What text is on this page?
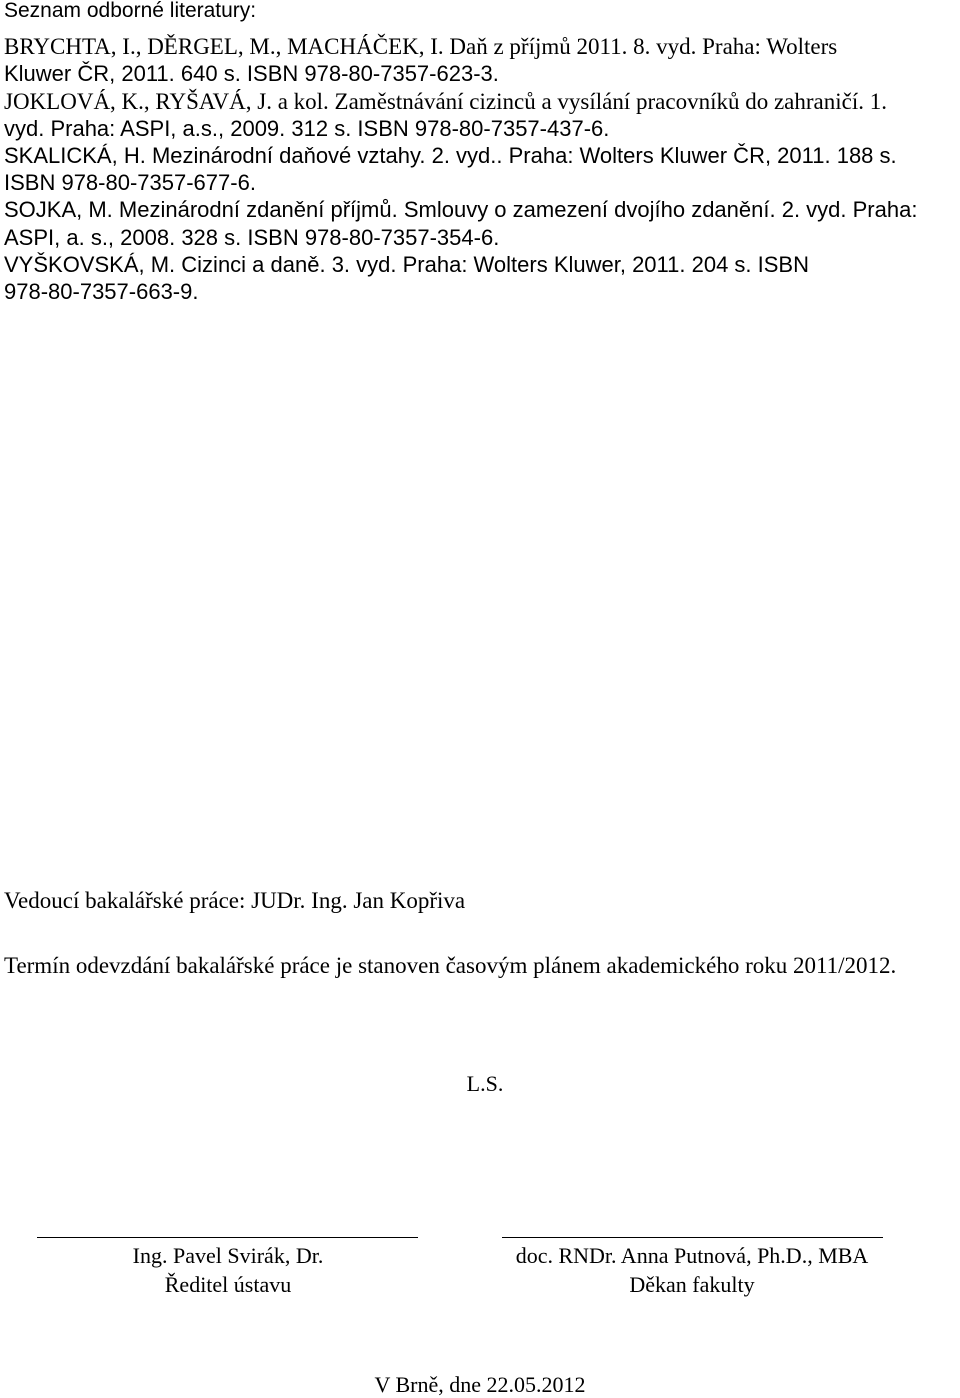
Seznam odborné literatury:
BRYCHTA, I., DĚRGEL, M., MACHÁČEK, I. Daň z příjmů 2011. 8. vyd. Praha: Wolters
Kluwer ČR, 2011. 640 s. ISBN 978-80-7357-623-3.
JOKLOVÁ, K., RYŠAVÁ, J. a kol. Zaměstnávání cizinců a vysílání pracovníků do zahraničí. 1.
vyd. Praha: ASPI, a.s., 2009. 312 s. ISBN 978-80-7357-437-6.
SKALICKÁ, H. Mezinárodní daňové vztahy. 2. vyd.. Praha: Wolters Kluwer ČR, 2011. 188 s.
ISBN 978-80-7357-677-6.
SOJKA, M. Mezinárodní zdanění příjmů. Smlouvy o zamezení dvojího zdanění. 2. vyd. Praha:
ASPI, a. s., 2008. 328 s. ISBN 978-80-7357-354-6.
VYŠKOVSKÁ, M. Cizinci a daně. 3. vyd. Praha: Wolters Kluwer, 2011. 204 s. ISBN
978-80-7357-663-9.
Vedoucí bakalářské práce: JUDr. Ing. Jan Kopřiva
Termín odevzdání bakalářské práce je stanoven časovým plánem akademického roku 2011/2012.
L.S.
Ing. Pavel Svirák, Dr.
Ředitel ústavu
doc. RNDr. Anna Putnová, Ph.D., MBA
Děkan fakulty
V Brně, dne 22.05.2012
